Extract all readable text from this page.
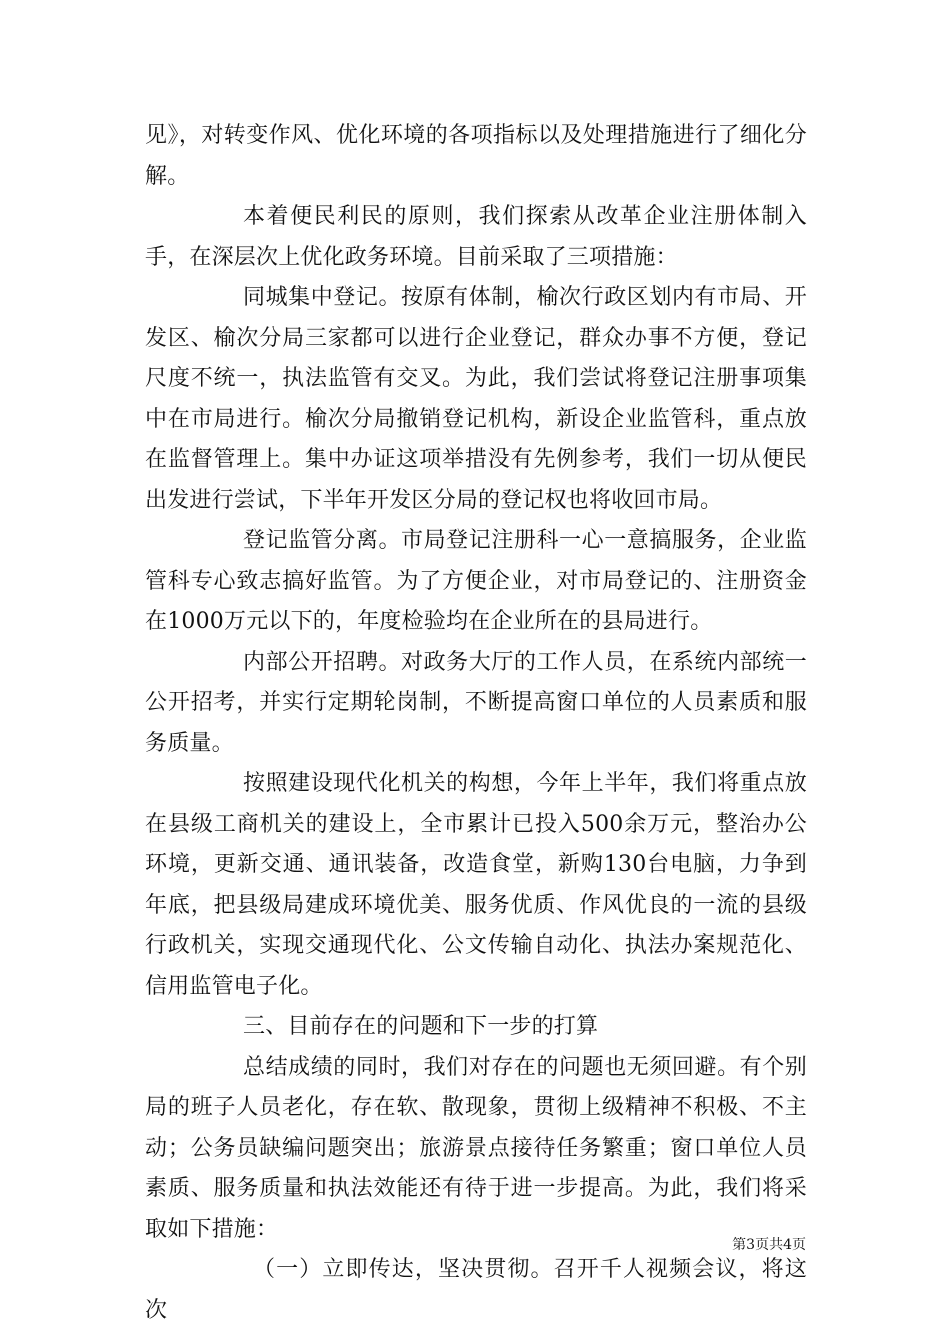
见》，对转变作风、优化环境的各项指标以及处理措施进行了细化分解。

本着便民利民的原则，我们探索从改革企业注册体制入手，在深层次上优化政务环境。目前采取了三项措施：

同城集中登记。按原有体制，榆次行政区划内有市局、开发区、榆次分局三家都可以进行企业登记，群众办事不方便，登记尺度不统一，执法监管有交叉。为此，我们尝试将登记注册事项集中在市局进行。榆次分局撤销登记机构，新设企业监管科，重点放在监督管理上。集中办证这项举措没有先例参考，我们一切从便民出发进行尝试，下半年开发区分局的登记权也将收回市局。

登记监管分离。市局登记注册科一心一意搞服务，企业监管科专心致志搞好监管。为了方便企业，对市局登记的、注册资金在1000万元以下的，年度检验均在企业所在的县局进行。

内部公开招聘。对政务大厅的工作人员，在系统内部统一公开招考，并实行定期轮岗制，不断提高窗口单位的人员素质和服务质量。

按照建设现代化机关的构想，今年上半年，我们将重点放在县级工商机关的建设上，全市累计已投入500余万元，整治办公环境，更新交通、通讯装备，改造食堂，新购130台电脑，力争到年底，把县级局建成环境优美、服务优质、作风优良的一流的县级行政机关，实现交通现代化、公文传输自动化、执法办案规范化、信用监管电子化。

三、目前存在的问题和下一步的打算

总结成绩的同时，我们对存在的问题也无须回避。有个别局的班子人员老化，存在软、散现象，贯彻上级精神不积极、不主动；公务员缺编问题突出；旅游景点接待任务繁重；窗口单位人员素质、服务质量和执法效能还有待于进一步提高。为此，我们将采取如下措施：

（一）立即传达，坚决贯彻。召开千人视频会议，将这次

第3页共4页
